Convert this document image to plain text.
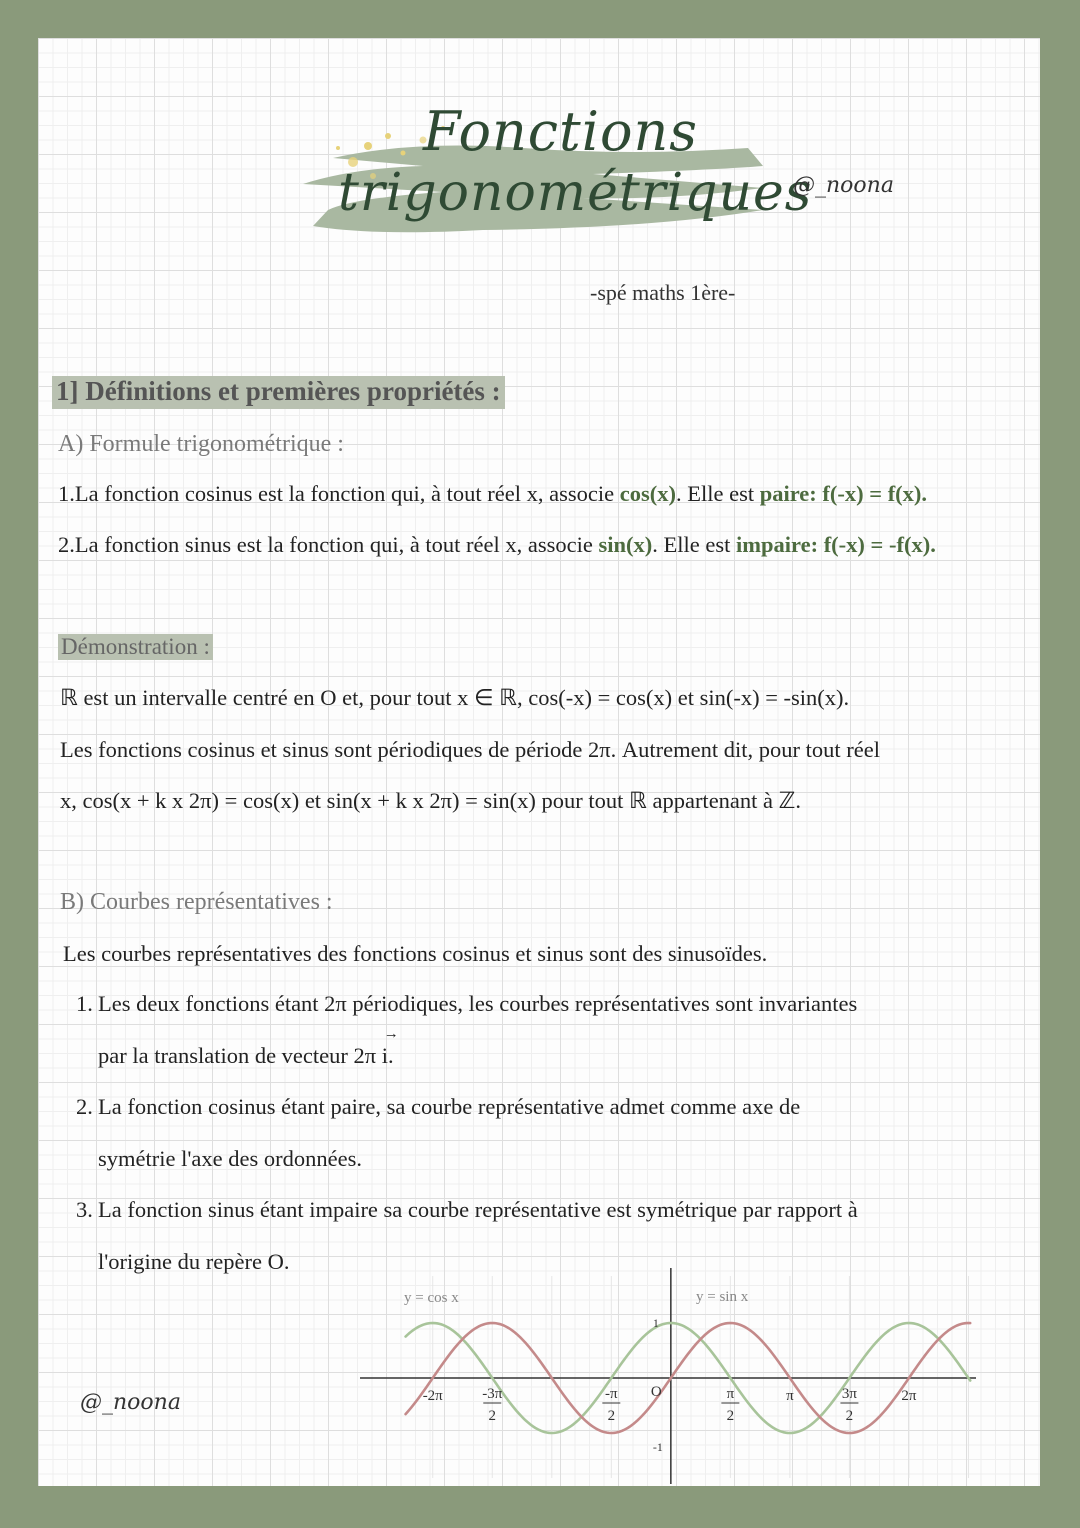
Fonctions
trigonométriques
@_noona
-spé maths 1ère-
1] Définitions et premières propriétés :
A) Formule trigonométrique :
1.La fonction cosinus est la fonction qui, à tout réel x, associe cos(x). Elle est paire: f(-x) = f(x).
2.La fonction sinus est la fonction qui, à tout réel x, associe sin(x). Elle est impaire: f(-x) = -f(x).
Démonstration :
ℝ est un intervalle centré en O et, pour tout x ∈ ℝ, cos(-x) = cos(x) et sin(-x) = -sin(x).
Les fonctions cosinus et sinus sont périodiques de période 2π. Autrement dit, pour tout réel
x, cos(x + k x 2π) = cos(x) et sin(x + k x 2π) = sin(x) pour tout ℝ appartenant à ℤ.
B) Courbes représentatives :
Les courbes représentatives des fonctions cosinus et sinus sont des sinusoïdes.
1. Les deux fonctions étant 2π périodiques, les courbes représentatives sont invariantes
par la translation de vecteur 2π
→
i.
2. La fonction cosinus étant paire, sa courbe représentative admet comme axe de
symétrie l'axe des ordonnées.
3. La fonction sinus étant impaire sa courbe représentative est symétrique par rapport à
l'origine du repère O.
-2π	-3π
2
-π
2
O	π
2
π	3π
2
2π
1
-1
y = cos x	y = sin x
@_noona
